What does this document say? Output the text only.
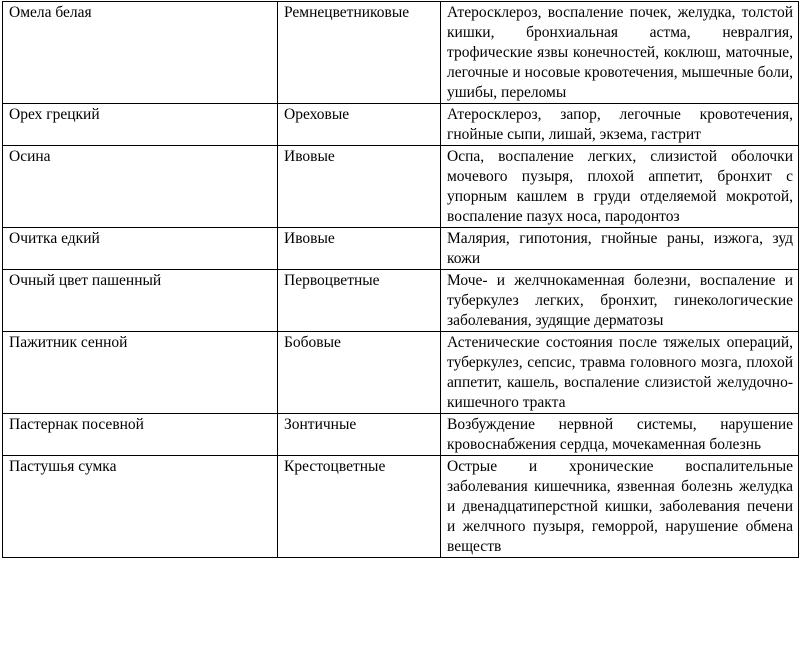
Омела белая	Ремнецветниковые	Атеросклероз, воспаление почек, желудка, толстой кишки, бронхиальная астма, невралгия, трофические язвы конечностей, коклюш, маточные, легочные и носовые кровотечения, мышечные боли, ушибы, переломы
Орех грецкий	Ореховые	Атеросклероз, запор, легочные кровотечения, гнойные сыпи, лишай, экзема, гастрит
Осина	Ивовые	Оспа, воспаление легких, слизистой оболочки мочевого пузыря, плохой аппетит, бронхит с упорным кашлем в груди отделяемой мокротой, воспаление пазух носа, пародонтоз
Очитка едкий	Ивовые	Малярия, гипотония, гнойные раны, изжога, зуд кожи
Очный цвет пашенный	Первоцветные	Моче- и желчнокаменная болезни, воспаление и туберкулез легких, бронхит, гинекологические заболевания, зудящие дерматозы
Пажитник сенной	Бобовые	Астенические состояния после тяжелых операций, туберкулез, сепсис, травма головного мозга, плохой аппетит, кашель, воспаление слизистой желудочно-кишечного тракта
Пастернак посевной	Зонтичные	Возбуждение нервной системы, нарушение кровоснабжения сердца, мочекаменная болезнь
Пастушья сумка	Крестоцветные	Острые и хронические воспалительные заболевания кишечника, язвенная болезнь желудка и двенадцатиперстной кишки, заболевания печени и желчного пузыря, геморрой, нарушение обмена веществ
